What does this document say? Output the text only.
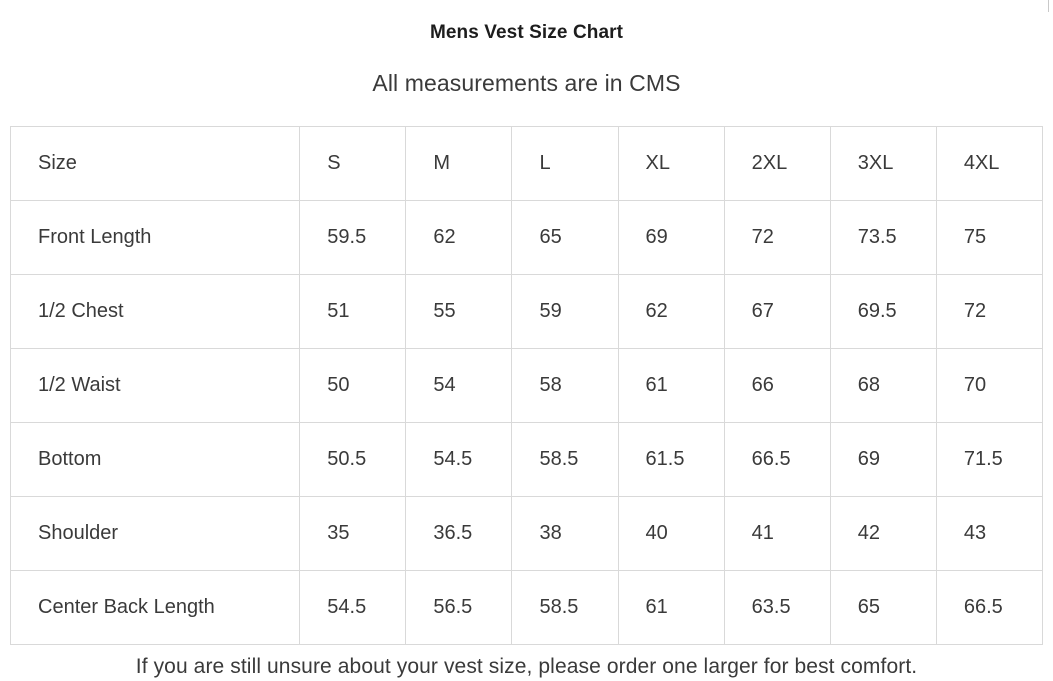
Mens Vest Size Chart
All measurements are in CMS
Size	S	M	L	XL	2XL	3XL	4XL
Front Length	59.5	62	65	69	72	73.5	75
1/2 Chest	51	55	59	62	67	69.5	72
1/2 Waist	50	54	58	61	66	68	70
Bottom	50.5	54.5	58.5	61.5	66.5	69	71.5
Shoulder	35	36.5	38	40	41	42	43
Center Back Length	54.5	56.5	58.5	61	63.5	65	66.5
If you are still unsure about your vest size, please order one larger for best comfort.
